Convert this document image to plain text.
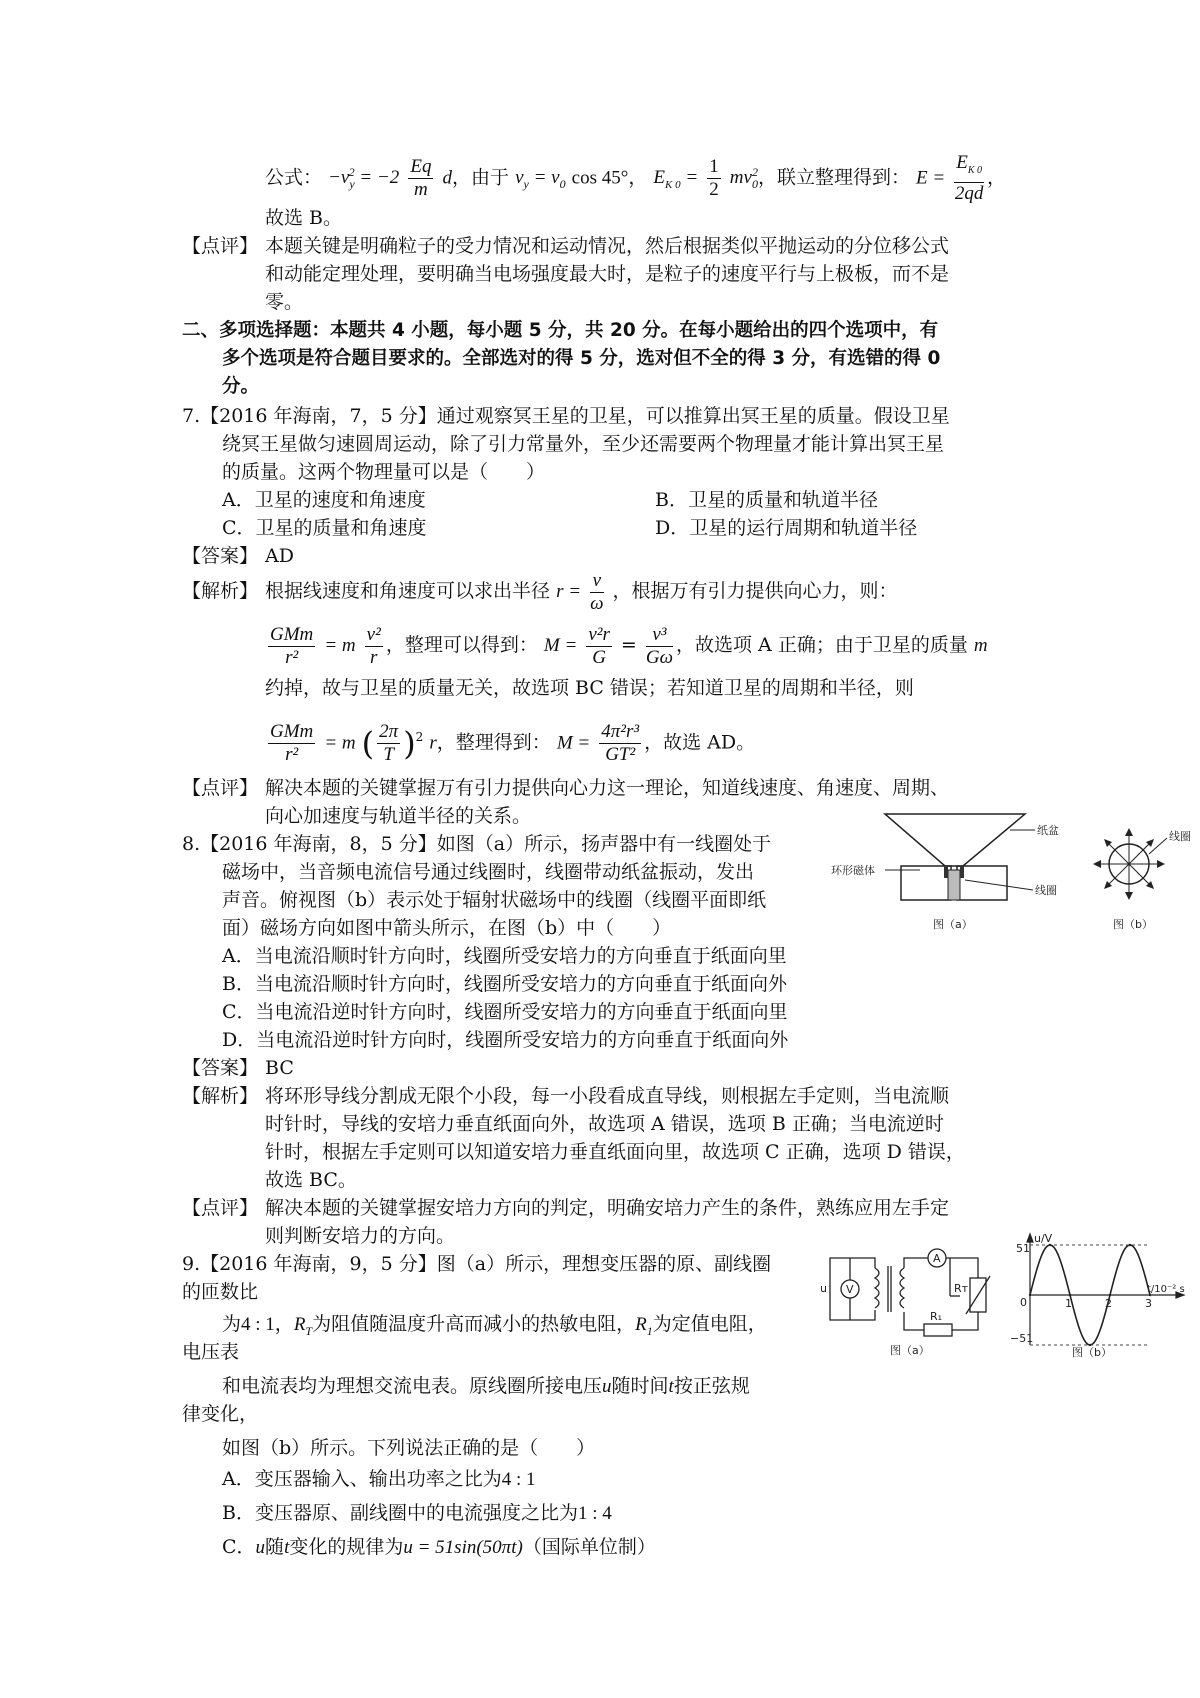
公式： $-v_y^2 = -2 \frac{Eq}{m}$ d，由于 $v_y = v_0$ cos 45°， $E_{K 0} = \frac{1}{2} mv_0^2$，联立整理得到： $E = \frac{E_{K 0}}{2qd}$ ，
故选 B。
【点评】 本题关键是明确粒子的受力情况和运动情况，然后根据类似平抛运动的分位移公式
和动能定理处理，要明确当电场强度最大时，是粒子的速度平行与上极板，而不是
零。
二、多项选择题：本题共 4 小题，每小题 5 分，共 20 分。在每小题给出的四个选项中，有
多个选项是符合题目要求的。全部选对的得 5 分，选对但不全的得 3 分，有选错的得 0
分。
7.【2016 年海南，7，5 分】通过观察冥王星的卫星，可以推算出冥王星的质量。假设卫星
绕冥王星做匀速圆周运动，除了引力常量外，至少还需要两个物理量才能计算出冥王星
的质量。这两个物理量可以是（　　）
A．卫星的速度和角速度	B．卫星的质量和轨道半径
C．卫星的质量和角速度	D．卫星的运行周期和轨道半径
【答案】 AD
【解析】 根据线速度和角速度可以求出半径 $r = \frac{v}{\omega}$ ，根据万有引力提供向心力，则：
$\frac{\text{GMm}}{\text{r²}} = m \frac{\text{v²}}{r}$ ，整理可以得到： $M = \frac{\text{v²r}}{G} = \frac{\text{v³}}{G\omega}$ ，故选项 A 正确；由于卫星的质量 m
约掉，故与卫星的质量无关，故选项 BC 错误；若知道卫星的周期和半径，则
$\frac{\text{GMm}}{\text{r²}} = m$ ( $\frac{2\pi}{T} )^2$ r，整理得到： $M = \frac{\text{4π²r³}}{\text{GT²}}$ ，故选 AD。
【点评】 解决本题的关键掌握万有引力提供向心力这一理论，知道线速度、角速度、周期、
向心加速度与轨道半径的关系。
8.【2016 年海南，8，5 分】如图（a）所示，扬声器中有一线圈处于
磁场中，当音频电流信号通过线圈时，线圈带动纸盆振动，发出
声音。俯视图（b）表示处于辐射状磁场中的线圈（线圈平面即纸
面）磁场方向如图中箭头所示，在图（b）中（　　）
A．当电流沿顺时针方向时，线圈所受安培力的方向垂直于纸面向里
B．当电流沿顺时针方向时，线圈所受安培力的方向垂直于纸面向外
C．当电流沿逆时针方向时，线圈所受安培力的方向垂直于纸面向里
D．当电流沿逆时针方向时，线圈所受安培力的方向垂直于纸面向外
【答案】 BC
【解析】 将环形导线分割成无限个小段，每一小段看成直导线，则根据左手定则，当电流顺
时针时，导线的安培力垂直纸面向外，故选项 A 错误，选项 B 正确；当电流逆时
针时，根据左手定则可以知道安培力垂直纸面向里，故选项 C 正确，选项 D 错误，
故选 BC。
【点评】 解决本题的关键掌握安培力方向的判定，明确安培力产生的条件，熟练应用左手定
则判断安培力的方向。
纸盆
环形磁体
线圈
图（a）
线圈
图（b）
9.【2016 年海南，9，5 分】图（a）所示，理想变压器的原、副线圈
的匝数比
为4 : 1，$R_T$为阻值随温度升高而减小的热敏电阻，$R_1$为定值电阻，
电压表
和电流表均为理想交流电表。原线圈所接电压u随时间t按正弦规
律变化，
如图（b）所示。下列说法正确的是（　　）
A．变压器输入、输出功率之比为4 : 1
B．变压器原、副线圈中的电流强度之比为1 : 4
C．u随t变化的规律为u = 51sin(50πt)（国际单位制）
V
A
u	Rᴛ
R₁
图（a）
u/V
t/10⁻² s
51
−51
0	1	2	3
图（b）
